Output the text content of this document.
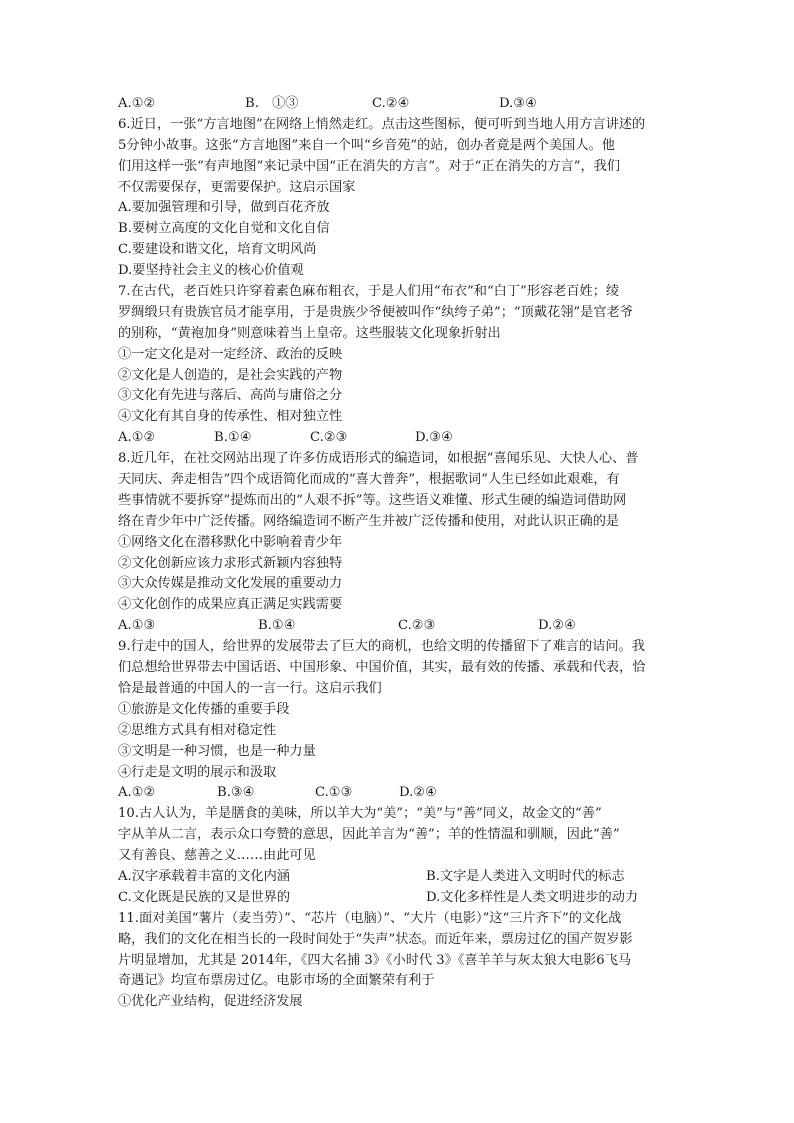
A.①②	B.　①③	C.②④	D.③④
6.近日，一张“方言地图”在网络上悄然走红。点击这些图标，便可听到当地人用方言讲述的
5分钟小故事。这张“方言地图”来自一个叫“乡音苑”的站，创办者竟是两个美国人。他
们用这样一张“有声地图”来记录中国“正在消失的方言”。对于“正在消失的方言”，我们
不仅需要保存，更需要保护。这启示国家
A.要加强管理和引导，做到百花齐放
B.要树立高度的文化自觉和文化自信
C.要建设和谐文化，培育文明风尚
D.要坚持社会主义的核心价值观
7.在古代，老百姓只许穿着素色麻布粗衣，于是人们用“布衣”和“白丁”形容老百姓；绫
罗绸缎只有贵族官员才能享用，于是贵族少爷便被叫作“纨绔子弟”；“顶戴花翎”是官老爷
的别称，“黄袍加身”则意味着当上皇帝。这些服装文化现象折射出
①一定文化是对一定经济、政治的反映
②文化是人创造的，是社会实践的产物
③文化有先进与落后、高尚与庸俗之分
④文化有其自身的传承性、相对独立性
A.①②	B.①④	C.②③	D.③④
8.近几年，在社交网站出现了许多仿成语形式的编造词，如根据“喜闻乐见、大快人心、普
天同庆、奔走相告”四个成语简化而成的“喜大普奔”，根据歌词“人生已经如此艰难，有
些事情就不要拆穿”提炼而出的“人艰不拆”等。这些语义难懂、形式生硬的编造词借助网
络在青少年中广泛传播。网络编造词不断产生并被广泛传播和使用，对此认识正确的是
①网络文化在潜移默化中影响着青少年
②文化创新应该力求形式新颖内容独特
③大众传媒是推动文化发展的重要动力
④文化创作的成果应真正满足实践需要
A.①③	B.①④	C.②③	D.②④
9.行走中的国人，给世界的发展带去了巨大的商机，也给文明的传播留下了难言的诘问。我
们总想给世界带去中国话语、中国形象、中国价值，其实，最有效的传播、承载和代表，恰
恰是最普通的中国人的一言一行。这启示我们
①旅游是文化传播的重要手段
②思维方式具有相对稳定性
③文明是一种习惯，也是一种力量
④行走是文明的展示和汲取
A.①②	B.③④	C.①③	D.②④
10.古人认为，羊是膳食的美味，所以羊大为“美”；“美”与“善”同义，故金文的“善”
字从羊从二言，表示众口夸赞的意思，因此羊言为“善”；羊的性情温和驯顺，因此“善”
又有善良、慈善之义……由此可见
A.汉字承载着丰富的文化内涵	B.文字是人类进入文明时代的标志
C.文化既是民族的又是世界的	D.文化多样性是人类文明进步的动力
11.面对美国“薯片（麦当劳）”、“芯片（电脑）”、“大片（电影）”这“三片齐下”的文化战
略，我们的文化在相当长的一段时间处于“失声”状态。而近年来，票房过亿的国产贺岁影
片明显增加，尤其是 2014年，《四大名捕 3》《小时代 3》《喜羊羊与灰太狼大电影6飞马
奇遇记》均宣布票房过亿。电影市场的全面繁荣有利于
①优化产业结构，促进经济发展
